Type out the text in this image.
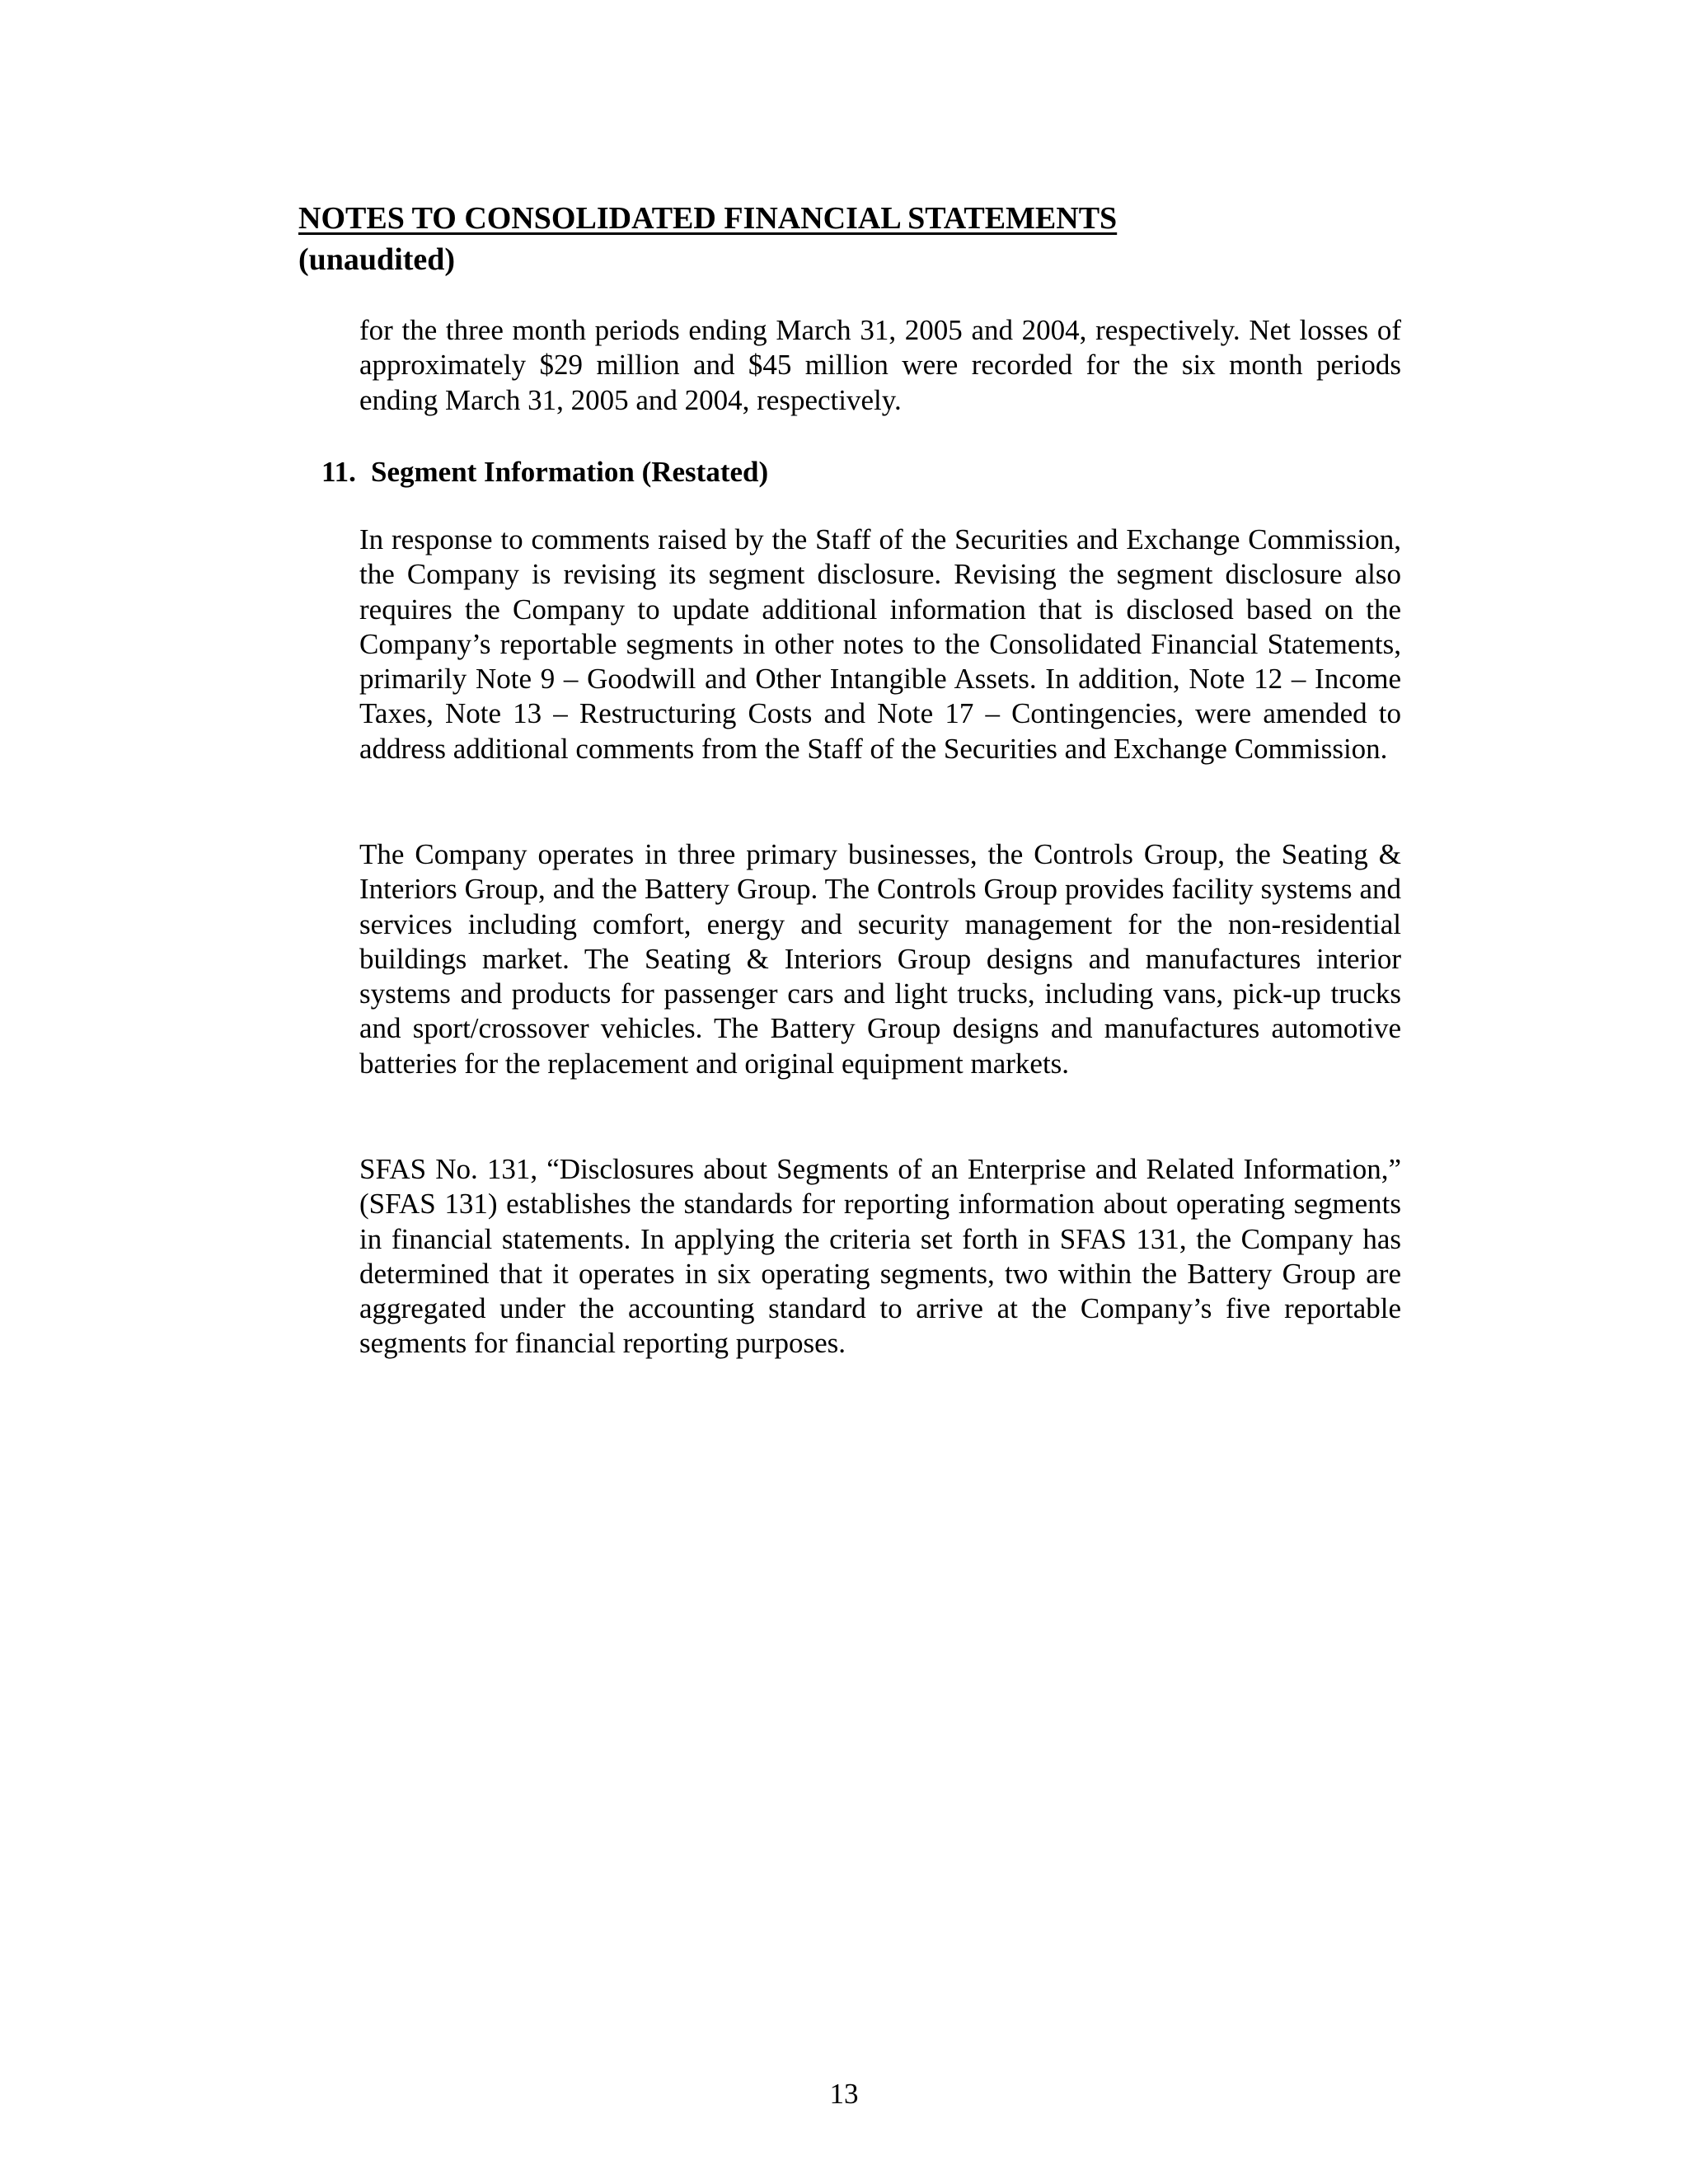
NOTES TO CONSOLIDATED FINANCIAL STATEMENTS
(unaudited)

for the three month periods ending March 31, 2005 and 2004, respectively. Net losses of approximately $29 million and $45 million were recorded for the six month periods ending March 31, 2005 and 2004, respectively.

11. Segment Information (Restated)

In response to comments raised by the Staff of the Securities and Exchange Commission, the Company is revising its segment disclosure. Revising the segment disclosure also requires the Company to update additional information that is disclosed based on the Company’s reportable segments in other notes to the Consolidated Financial Statements, primarily Note 9 – Goodwill and Other Intangible Assets. In addition, Note 12 – Income Taxes, Note 13 – Restructuring Costs and Note 17 – Contingencies, were amended to address additional comments from the Staff of the Securities and Exchange Commission.

The Company operates in three primary businesses, the Controls Group, the Seating & Interiors Group, and the Battery Group. The Controls Group provides facility systems and services including comfort, energy and security management for the non-residential buildings market. The Seating & Interiors Group designs and manufactures interior systems and products for passenger cars and light trucks, including vans, pick-up trucks and sport/crossover vehicles. The Battery Group designs and manufactures automotive batteries for the replacement and original equipment markets.

SFAS No. 131, “Disclosures about Segments of an Enterprise and Related Information,” (SFAS 131) establishes the standards for reporting information about operating segments in financial statements. In applying the criteria set forth in SFAS 131, the Company has determined that it operates in six operating segments, two within the Battery Group are aggregated under the accounting standard to arrive at the Company’s five reportable segments for financial reporting purposes.

13
